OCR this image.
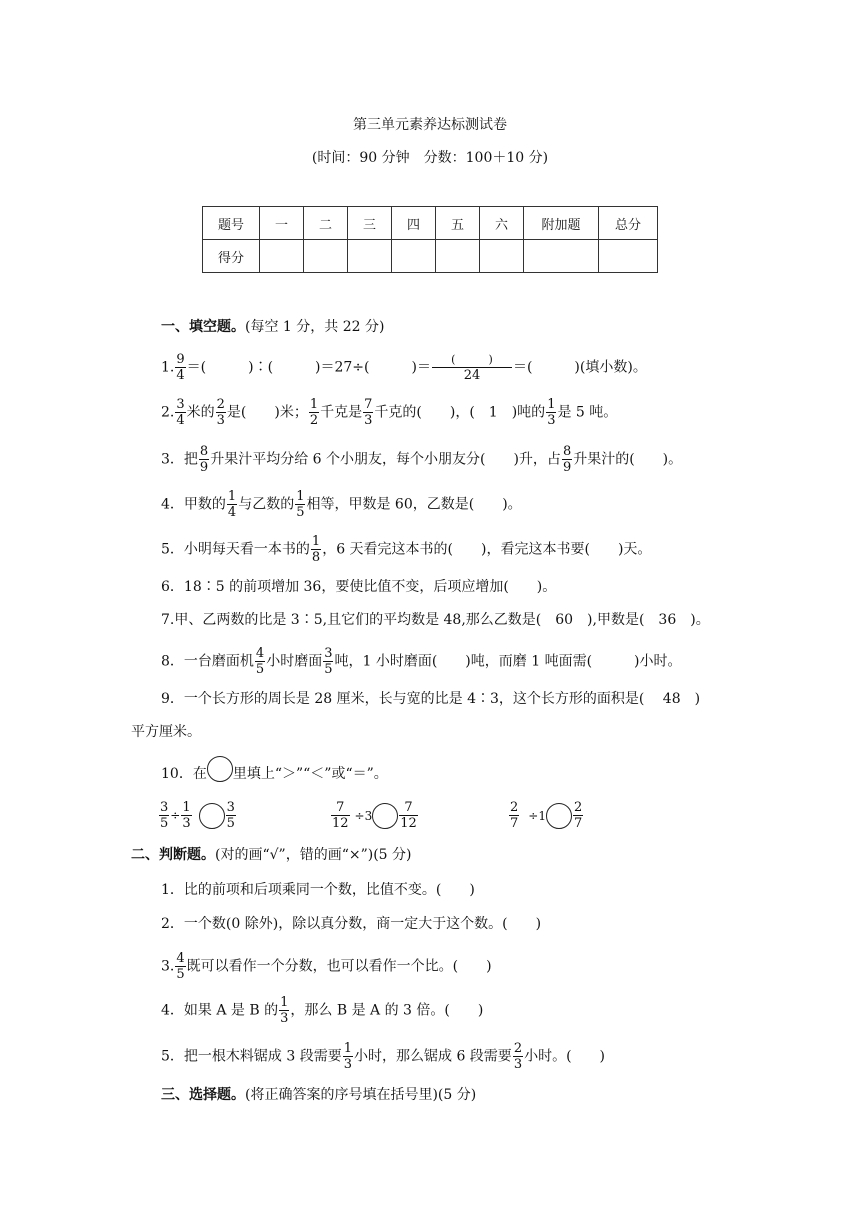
第三单元素养达标测试卷
(时间：90 分钟　分数：100＋10 分)
题号	一	二	三	四	五	六	附加题	总分
得分								
一、填空题。(每空 1 分，共 22 分)
1. $\frac{9}{4}$ ＝(　　　)∶(　　　)＝27÷(　　　)＝	(　　　)
24	＝(　　　)(填小数)。
2. $\frac{3}{4}$ 米的 $\frac{2}{3}$ 是(　　)米； $\frac{1}{2}$ 千克是 $\frac{7}{3}$ 千克的(　　)，(　1　)吨的 $\frac{1}{3}$ 是 5 吨。
3．把 $\frac{8}{9}$ 升果汁平均分给 6 个小朋友，每个小朋友分(　　)升，占 $\frac{8}{9}$ 升果汁的(　　)。
4．甲数的 $\frac{1}{4}$ 与乙数的 $\frac{1}{5}$ 相等，甲数是 60，乙数是(　　)。
5．小明每天看一本书的 $\frac{1}{8}$ ，6 天看完这本书的(　　)，看完这本书要(　　)天。
6．18∶5 的前项增加 36，要使比值不变，后项应增加(　　)。
7.甲、乙两数的比是 3∶5,且它们的平均数是 48,那么乙数是(　60　),甲数是(　36　)。
8．一台磨面机 $\frac{4}{5}$ 小时磨面 $\frac{3}{5}$ 吨，1 小时磨面(　　)吨，而磨 1 吨面需(　　　)小时。
9．一个长方形的周长是 28 厘米，长与宽的比是 4∶3，这个长方形的面积是(　 48　)
平方厘米。
10．在 里填上“＞”“＜”或“＝”。
$\frac{3}{5} \div \frac{1}{3}$	$\frac{3}{5}$	$\frac{7}{12} \div 3 \frac{7}{12}$	$\frac{2}{7} \div 1 \frac{2}{7}$
二、判断题。(对的画“√”，错的画“×”)(5 分)
1．比的前项和后项乘同一个数，比值不变。(　　)
2．一个数(0 除外)，除以真分数，商一定大于这个数。(　　)
3. $\frac{4}{5}$ 既可以看作一个分数，也可以看作一个比。(　　)
4．如果 A 是 B 的 $\frac{1}{3}$ ，那么 B 是 A 的 3 倍。(　　)
5．把一根木料锯成 3 段需要 $\frac{1}{3}$ 小时，那么锯成 6 段需要 $\frac{2}{3}$ 小时。(　　)
三、选择题。(将正确答案的序号填在括号里)(5 分)
